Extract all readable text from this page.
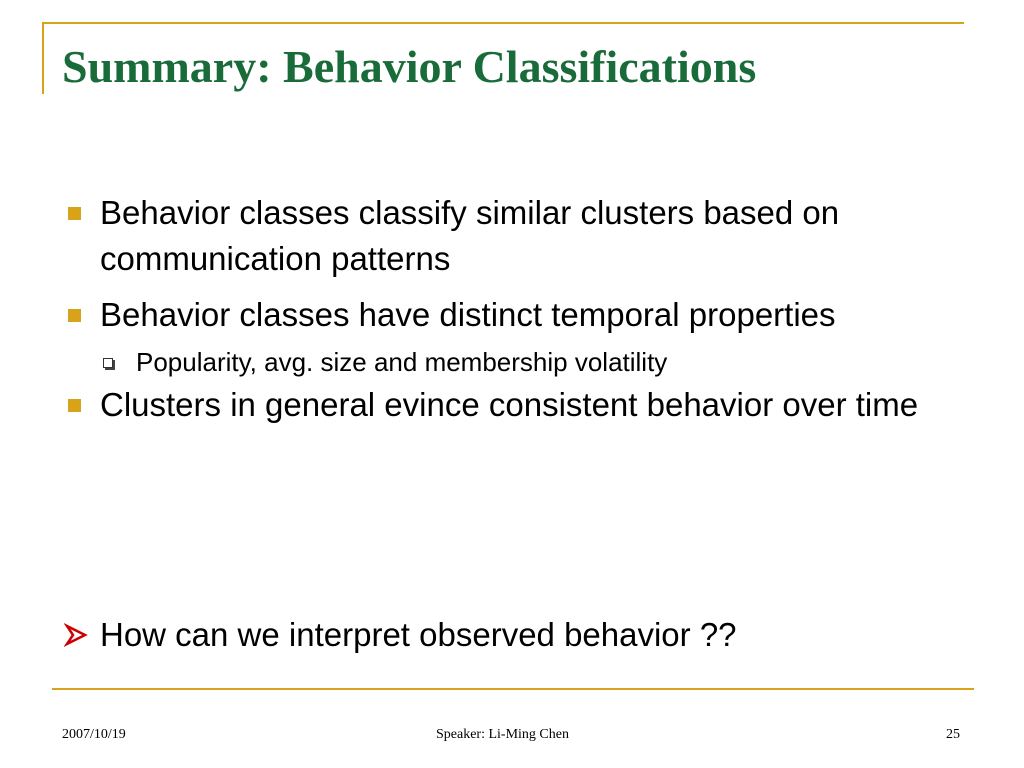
Summary: Behavior Classifications
Behavior classes classify similar clusters based on communication patterns
Behavior classes have distinct temporal properties
Popularity, avg. size and membership volatility
Clusters in general evince consistent behavior over time
How can we interpret observed behavior ??
2007/10/19	Speaker: Li-Ming Chen	25
